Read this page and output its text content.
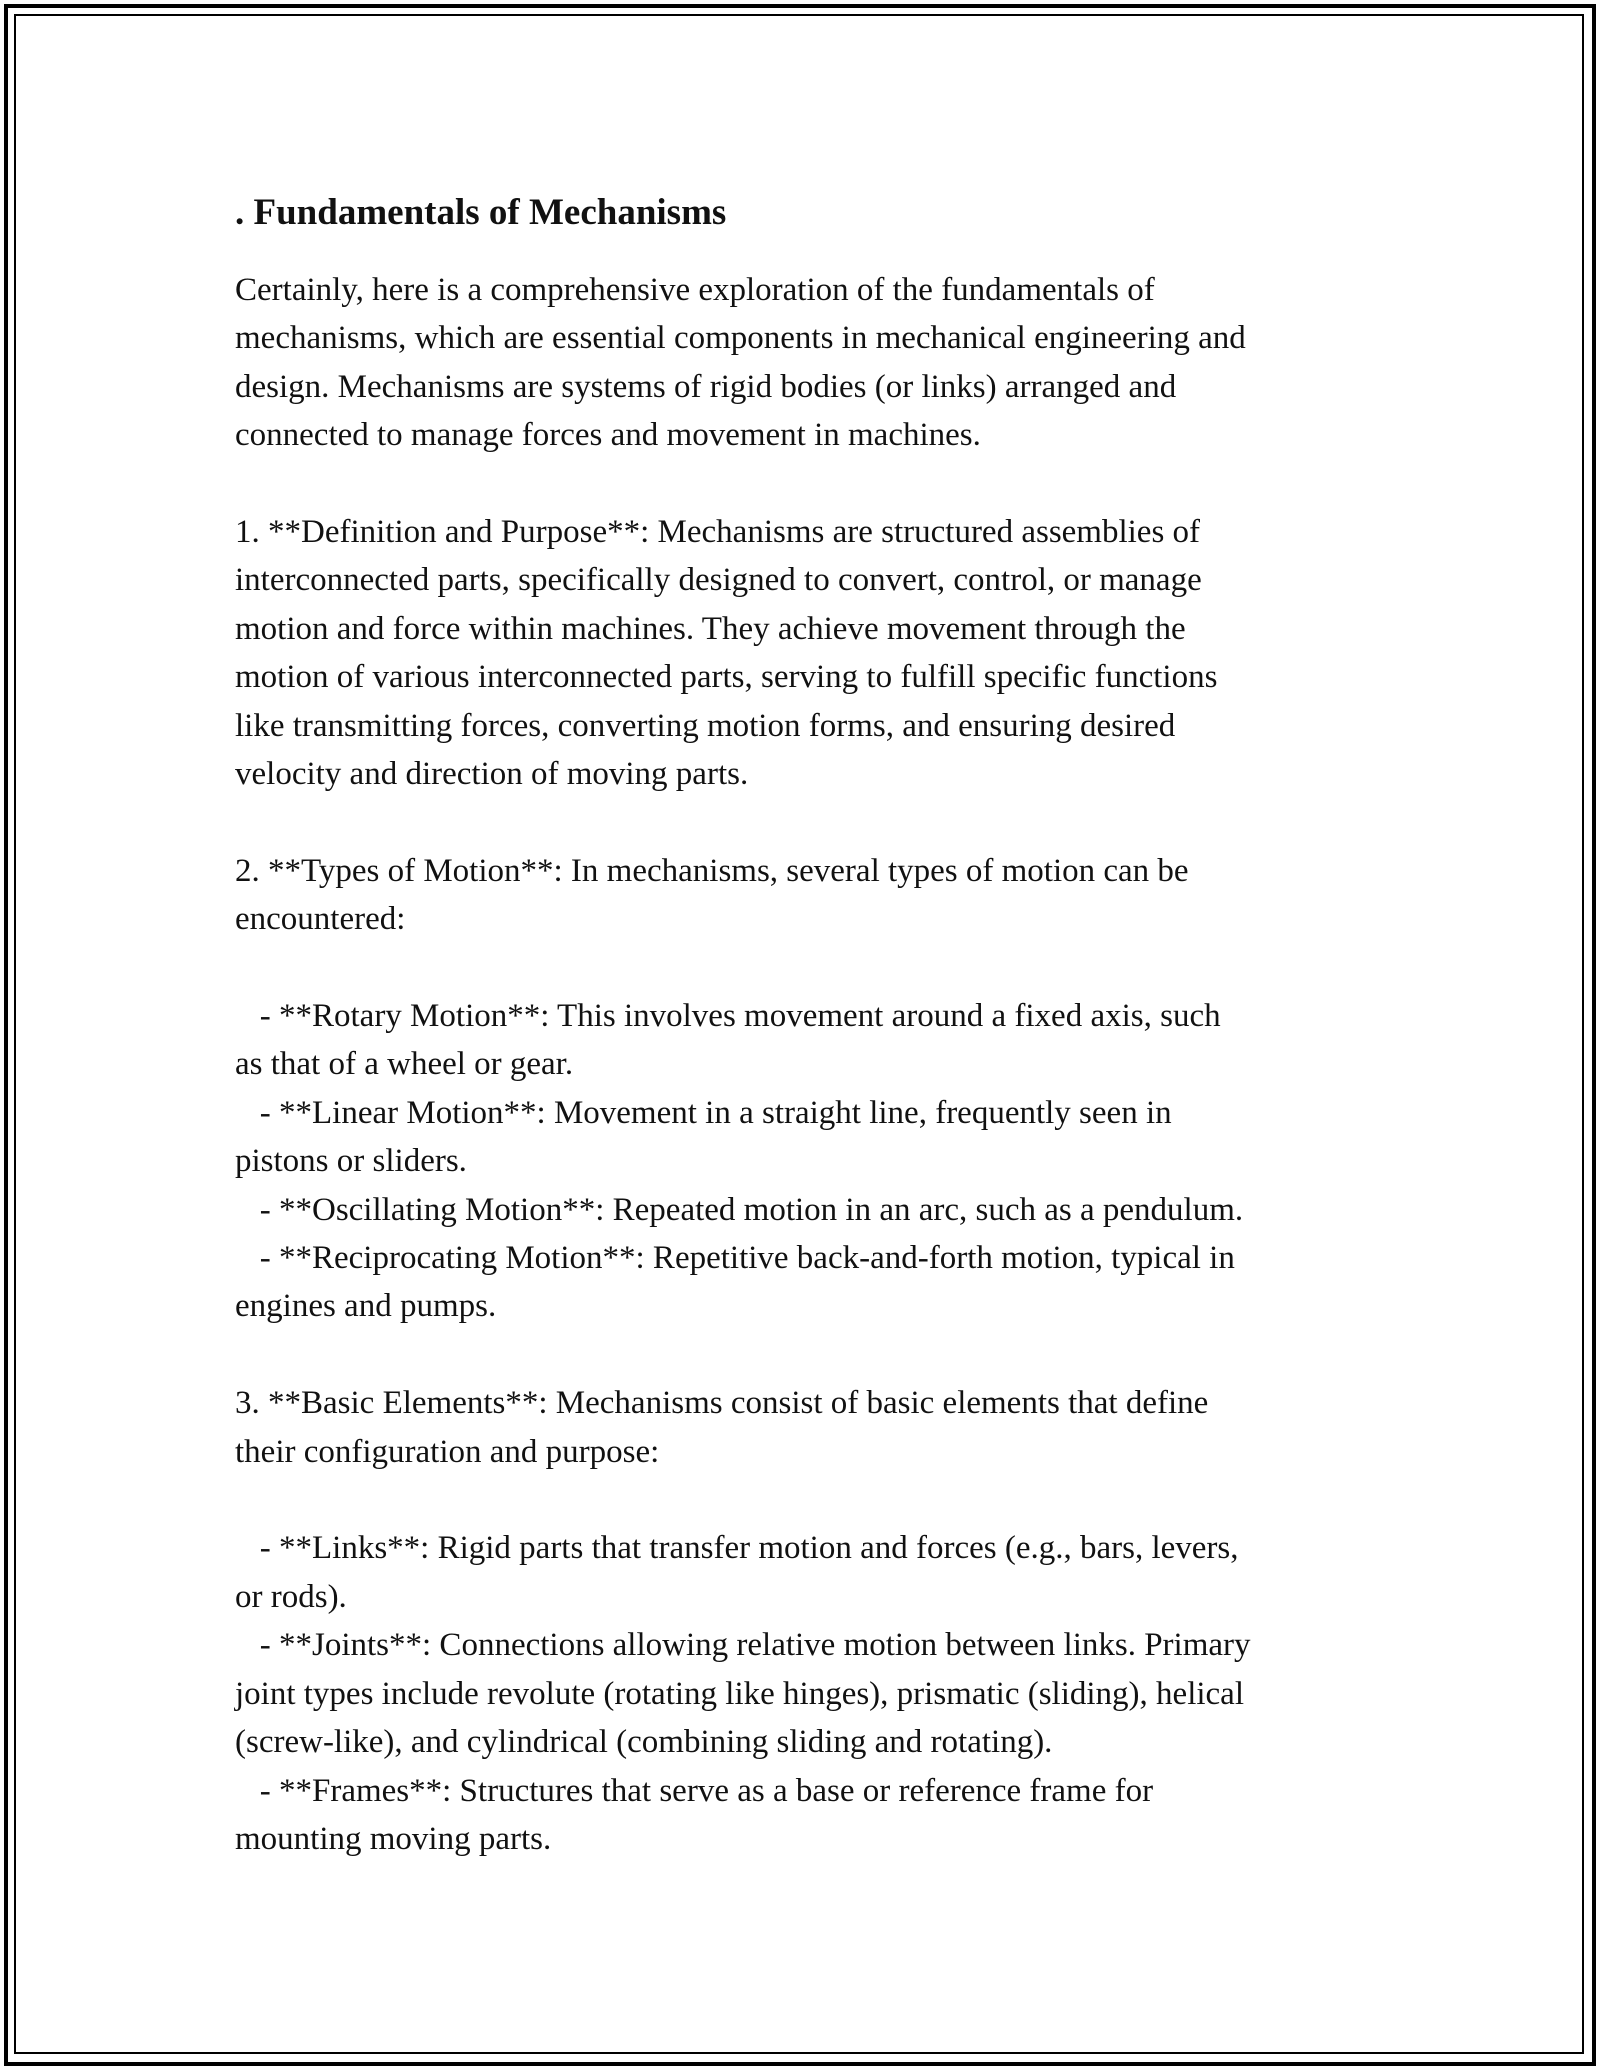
. Fundamentals of Mechanisms
Certainly, here is a comprehensive exploration of the fundamentals of
mechanisms, which are essential components in mechanical engineering and
design. Mechanisms are systems of rigid bodies (or links) arranged and
connected to manage forces and movement in machines.
1. **Definition and Purpose**: Mechanisms are structured assemblies of
interconnected parts, specifically designed to convert, control, or manage
motion and force within machines. They achieve movement through the
motion of various interconnected parts, serving to fulfill specific functions
like transmitting forces, converting motion forms, and ensuring desired
velocity and direction of moving parts.
2. **Types of Motion**: In mechanisms, several types of motion can be
encountered:
- **Rotary Motion**: This involves movement around a fixed axis, such
as that of a wheel or gear.
- **Linear Motion**: Movement in a straight line, frequently seen in
pistons or sliders.
- **Oscillating Motion**: Repeated motion in an arc, such as a pendulum.
- **Reciprocating Motion**: Repetitive back-and-forth motion, typical in
engines and pumps.
3. **Basic Elements**: Mechanisms consist of basic elements that define
their configuration and purpose:
- **Links**: Rigid parts that transfer motion and forces (e.g., bars, levers,
or rods).
- **Joints**: Connections allowing relative motion between links. Primary
joint types include revolute (rotating like hinges), prismatic (sliding), helical
(screw-like), and cylindrical (combining sliding and rotating).
- **Frames**: Structures that serve as a base or reference frame for
mounting moving parts.
